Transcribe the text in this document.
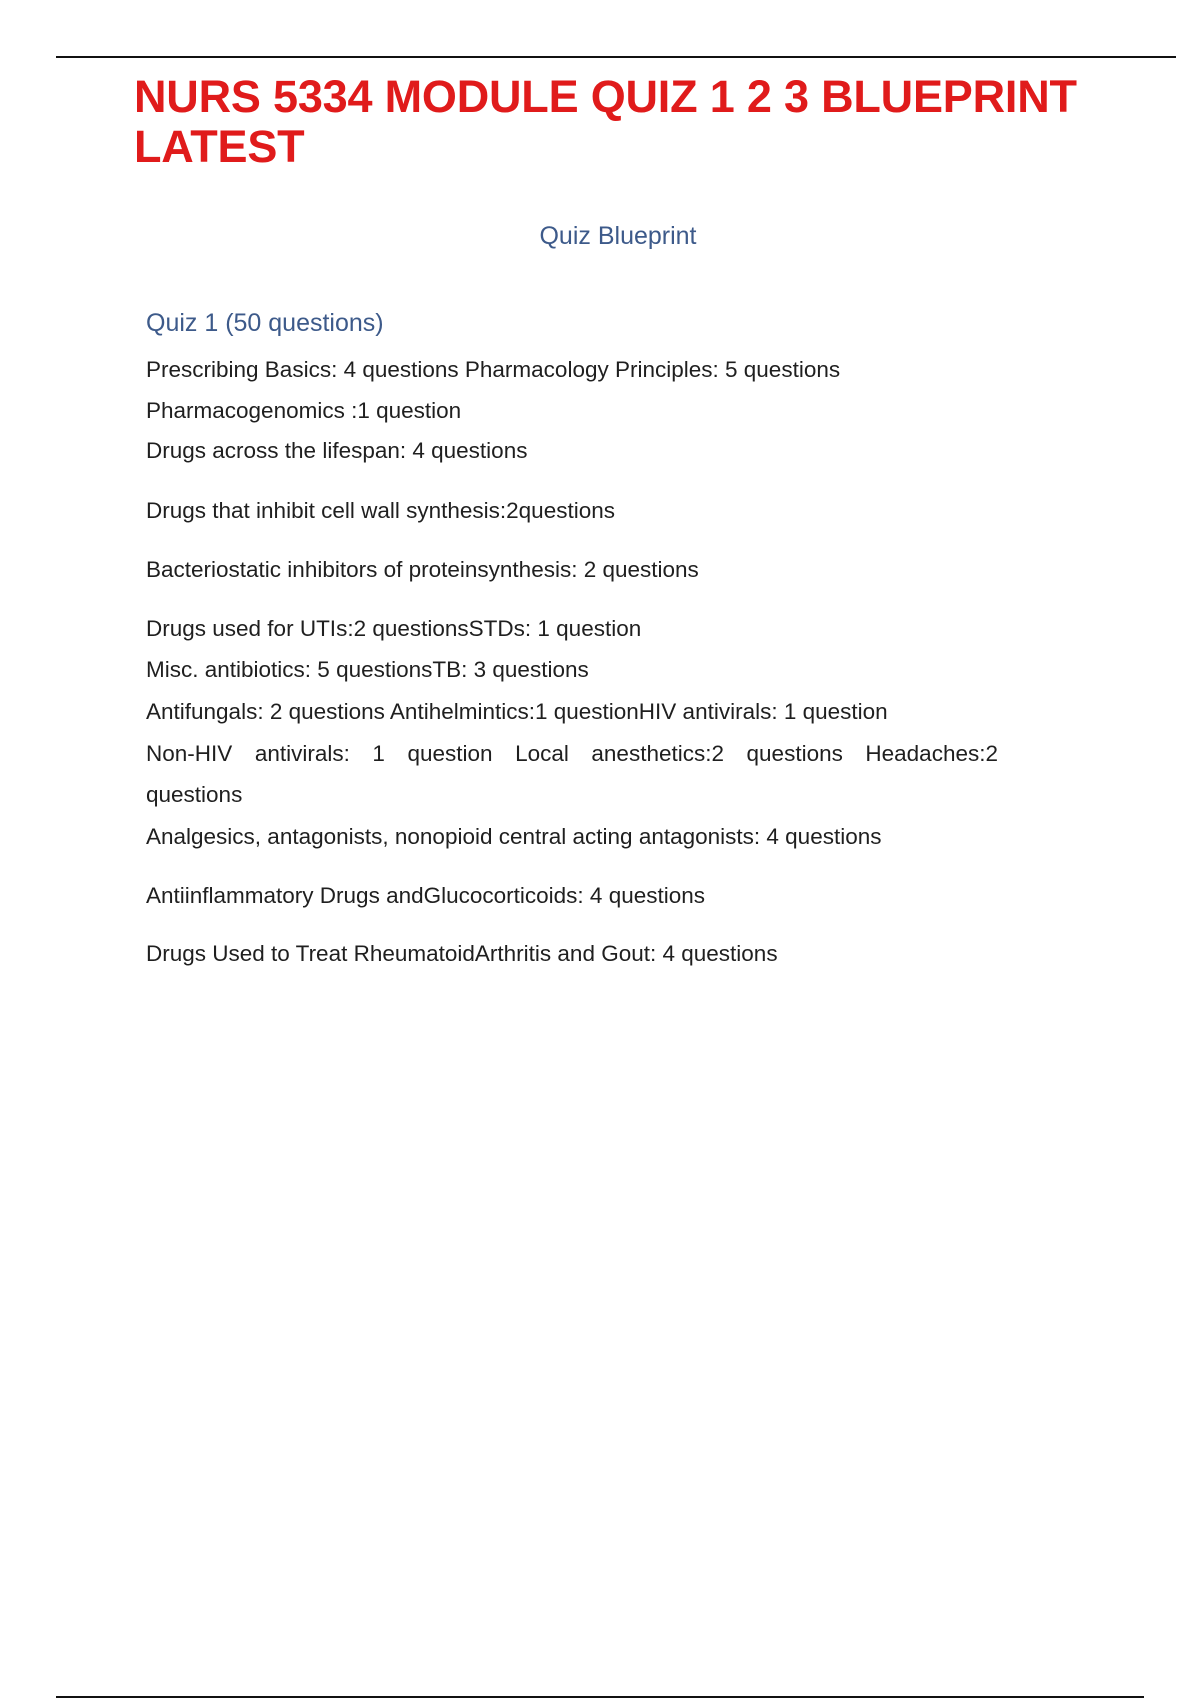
NURS 5334 MODULE QUIZ 1 2 3 BLUEPRINT LATEST
Quiz Blueprint
Quiz 1 (50 questions)
Prescribing Basics: 4 questions Pharmacology Principles: 5 questions
Pharmacogenomics :1 question
Drugs across the lifespan: 4 questions
Drugs that inhibit cell wall synthesis:2questions
Bacteriostatic inhibitors of proteinsynthesis: 2 questions
Drugs used for UTIs:2 questionsSTDs: 1 question
Misc. antibiotics: 5 questionsTB: 3 questions
Antifungals: 2 questions Antihelmintics:1 questionHIV antivirals: 1 question
Non-HIV antivirals: 1 question Local anesthetics:2 questions Headaches:2
questions
Analgesics, antagonists, nonopioid central acting antagonists: 4 questions
Antiinflammatory Drugs andGlucocorticoids: 4 questions
Drugs Used to Treat RheumatoidArthritis and Gout: 4 questions
